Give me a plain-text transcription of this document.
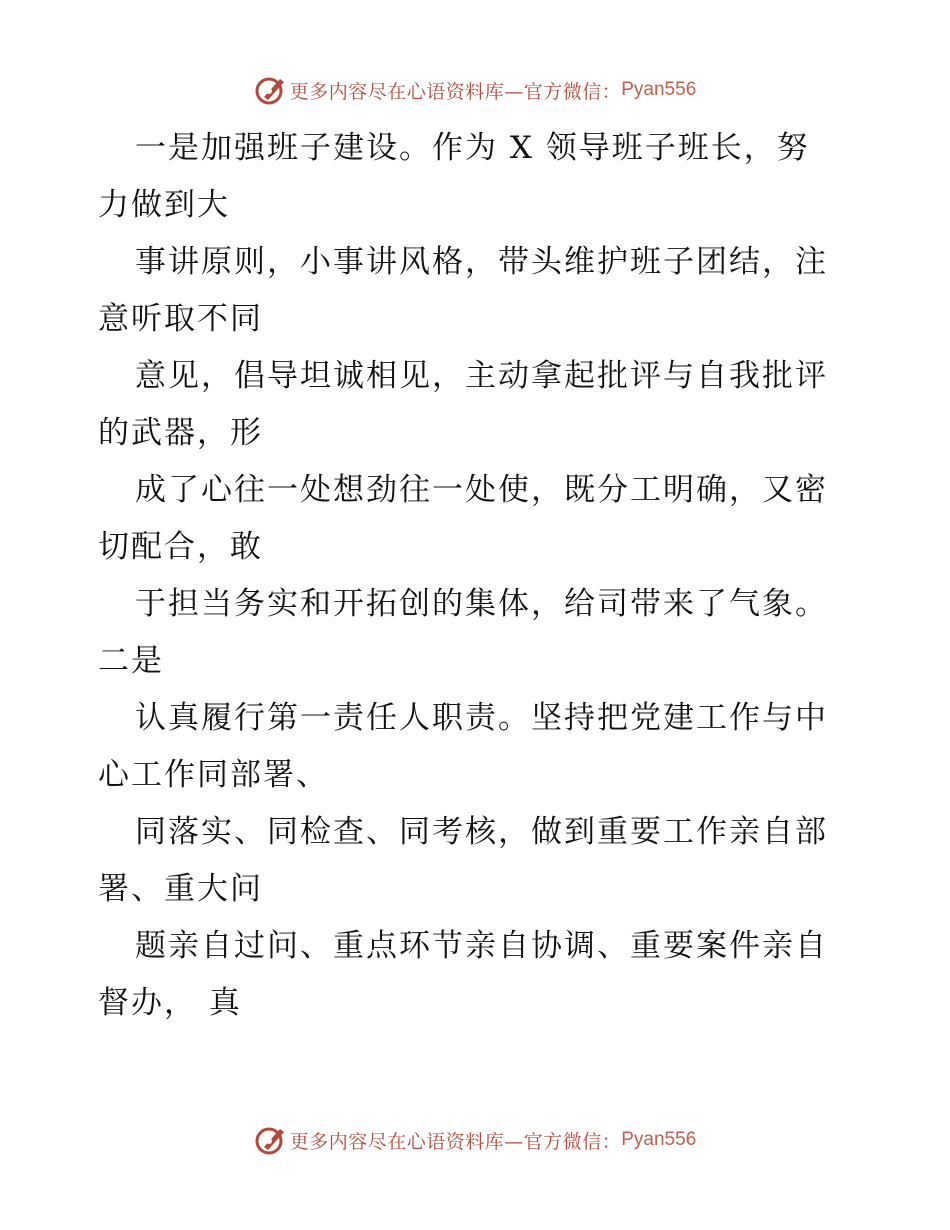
更多内容尽在心语资料库—官方微信： Pyan556
一是加强班子建设。作为 X 领导班子班长，努
力做到大
事讲原则，小事讲风格，带头维护班子团结，注
意听取不同
意见，倡导坦诚相见，主动拿起批评与自我批评
的武器，形
成了心往一处想劲往一处使，既分工明确，又密
切配合，敢
于担当务实和开拓创的集体，给司带来了气象。
二是
认真履行第一责任人职责。坚持把党建工作与中
心工作同部署、
同落实、同检查、同考核，做到重要工作亲自部
署、重大问
题亲自过问、重点环节亲自协调、重要案件亲自
督办， 真
更多内容尽在心语资料库—官方微信： Pyan556
